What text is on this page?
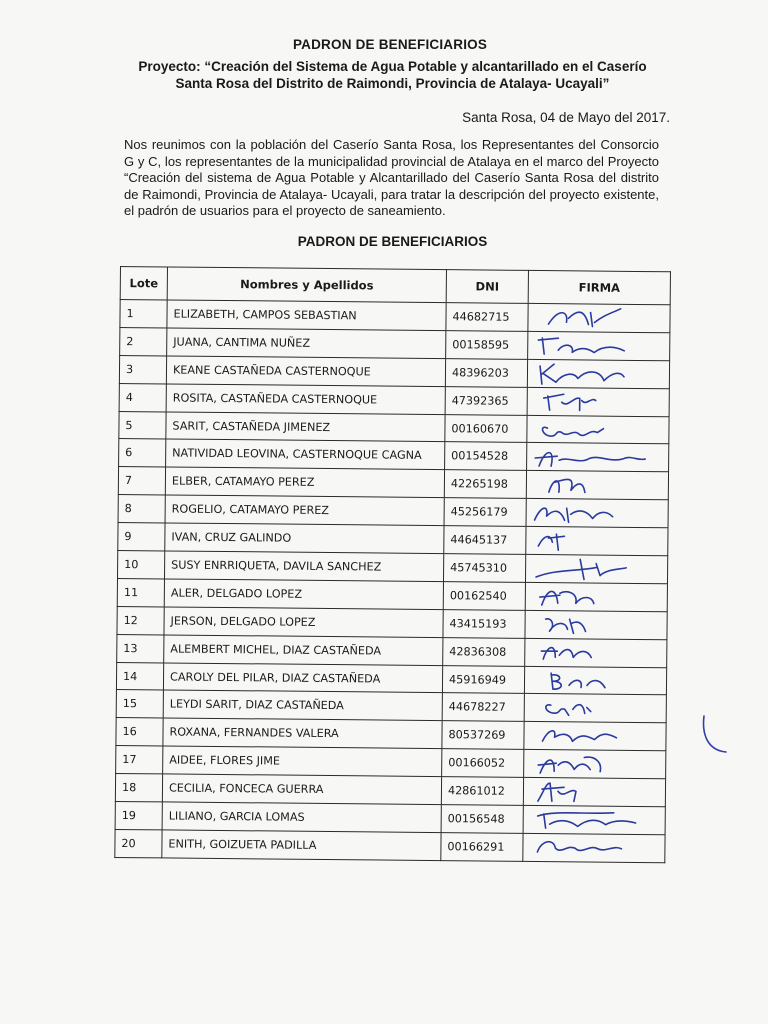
PADRON DE BENEFICIARIOS
Proyecto: “Creación del Sistema de Agua Potable y alcantarillado en el Caserío
Santa Rosa del Distrito de Raimondi, Provincia de Atalaya- Ucayali”
Santa Rosa, 04 de Mayo del 2017.
Nos reunimos con la población del Caserío Santa Rosa, los Representantes del Consorcio G y C, los representantes de la municipalidad provincial de Atalaya en el marco del Proyecto “Creación del sistema de Agua Potable y Alcantarillado del Caserío Santa Rosa del distrito de Raimondi, Provincia de Atalaya- Ucayali, para tratar la descripción del proyecto existente, el padrón de usuarios para el proyecto de saneamiento.
PADRON DE BENEFICIARIOS
Lote	Nombres y Apellidos	DNI	FIRMA
1	ELIZABETH, CAMPOS SEBASTIAN	44682715	

2	JUANA, CANTIMA NUÑEZ	00158595	

3	KEANE CASTAÑEDA CASTERNOQUE	48396203	

4	ROSITA, CASTAÑEDA CASTERNOQUE	47392365	

5	SARIT, CASTAÑEDA JIMENEZ	00160670	

6	NATIVIDAD LEOVINA, CASTERNOQUE CAGNA	00154528	

7	ELBER, CATAMAYO PEREZ	42265198	

8	ROGELIO, CATAMAYO PEREZ	45256179	

9	IVAN, CRUZ GALINDO	44645137	

10	SUSY ENRRIQUETA, DAVILA SANCHEZ	45745310	

11	ALER, DELGADO LOPEZ	00162540	

12	JERSON, DELGADO LOPEZ	43415193	

13	ALEMBERT MICHEL, DIAZ CASTAÑEDA	42836308	

14	CAROLY DEL PILAR, DIAZ CASTAÑEDA	45916949	

15	LEYDI SARIT, DIAZ CASTAÑEDA	44678227	

16	ROXANA, FERNANDES VALERA	80537269	

17	AIDEE, FLORES JIME	00166052	

18	CECILIA, FONCECA GUERRA	42861012	

19	LILIANO, GARCIA LOMAS	00156548	

20	ENITH, GOIZUETA PADILLA	00166291	
